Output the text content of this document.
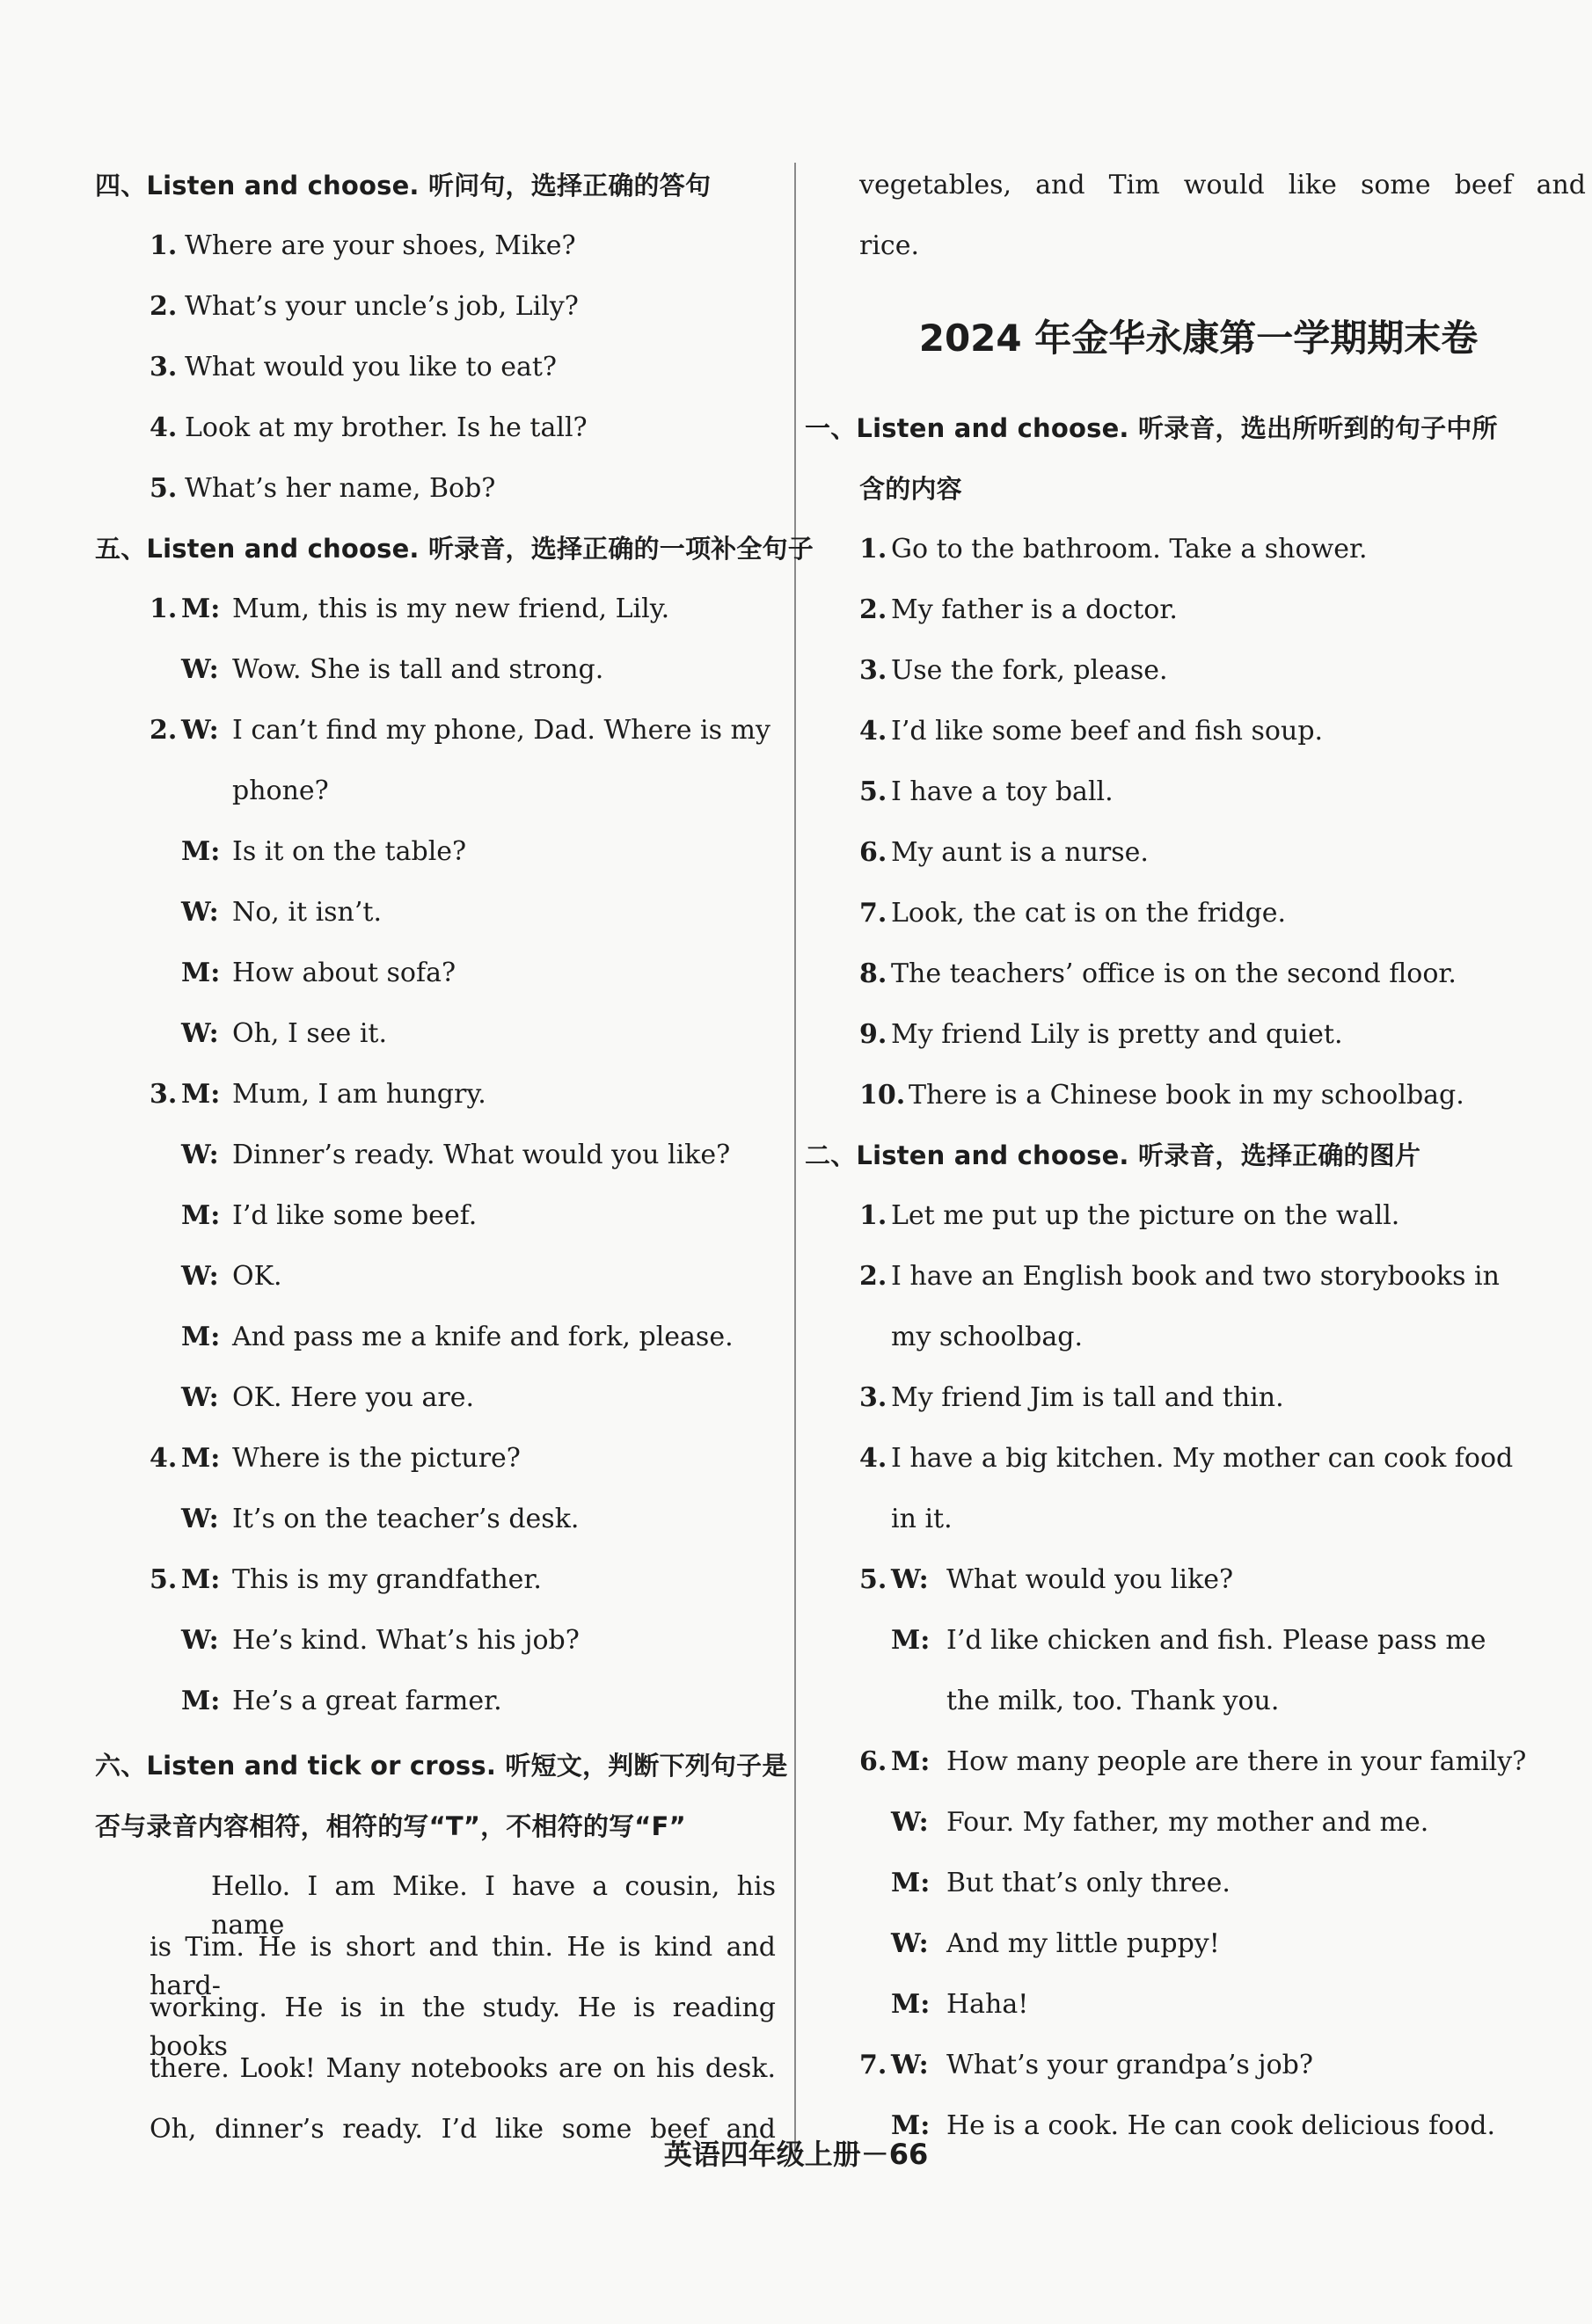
四、Listen and choose. 听问句，选择正确的答句
1. Where are your shoes, Mike?
2. What’s your uncle’s job, Lily?
3. What would you like to eat?
4. Look at my brother. Is he tall?
5. What’s her name, Bob?
五、Listen and choose. 听录音，选择正确的一项补全句子
1. M: Mum, this is my new friend, Lily.
W: Wow. She is tall and strong.
2. W: I can’t find my phone, Dad. Where is my
phone?
M: Is it on the table?
W: No, it isn’t.
M: How about sofa?
W: Oh, I see it.
3. M: Mum, I am hungry.
W: Dinner’s ready. What would you like?
M: I’d like some beef.
W: OK.
M: And pass me a knife and fork, please.
W: OK. Here you are.
4. M: Where is the picture?
W: It’s on the teacher’s desk.
5. M: This is my grandfather.
W: He’s kind. What’s his job?
M: He’s a great farmer.
六、Listen and tick or cross. 听短文，判断下列句子是
否与录音内容相符，相符的写“T”，不相符的写“F”
Hello. I am Mike. I have a cousin, his name
is Tim. He is short and thin. He is kind and hard-
working. He is in the study. He is reading books
there. Look! Many notebooks are on his desk.
Oh, dinner’s ready. I’d like some beef and
vegetables, and Tim would like some beef and
rice.
2024 年金华永康第一学期期末卷
一、Listen and choose. 听录音，选出所听到的句子中所
含的内容
1. Go to the bathroom. Take a shower.
2. My father is a doctor.
3. Use the fork, please.
4. I’d like some beef and fish soup.
5. I have a toy ball.
6. My aunt is a nurse.
7. Look, the cat is on the fridge.
8. The teachers’ office is on the second floor.
9. My friend Lily is pretty and quiet.
10. There is a Chinese book in my schoolbag.
二、Listen and choose. 听录音，选择正确的图片
1. Let me put up the picture on the wall.
2. I have an English book and two storybooks in
my schoolbag.
3. My friend Jim is tall and thin.
4. I have a big kitchen. My mother can cook food
in it.
5. W: What would you like?
M: I’d like chicken and fish. Please pass me
the milk, too. Thank you.
6. M: How many people are there in your family?
W: Four. My father, my mother and me.
M: But that’s only three.
W: And my little puppy!
M: Haha!
7. W: What’s your grandpa’s job?
M: He is a cook. He can cook delicious food.
英语四年级上册－66
